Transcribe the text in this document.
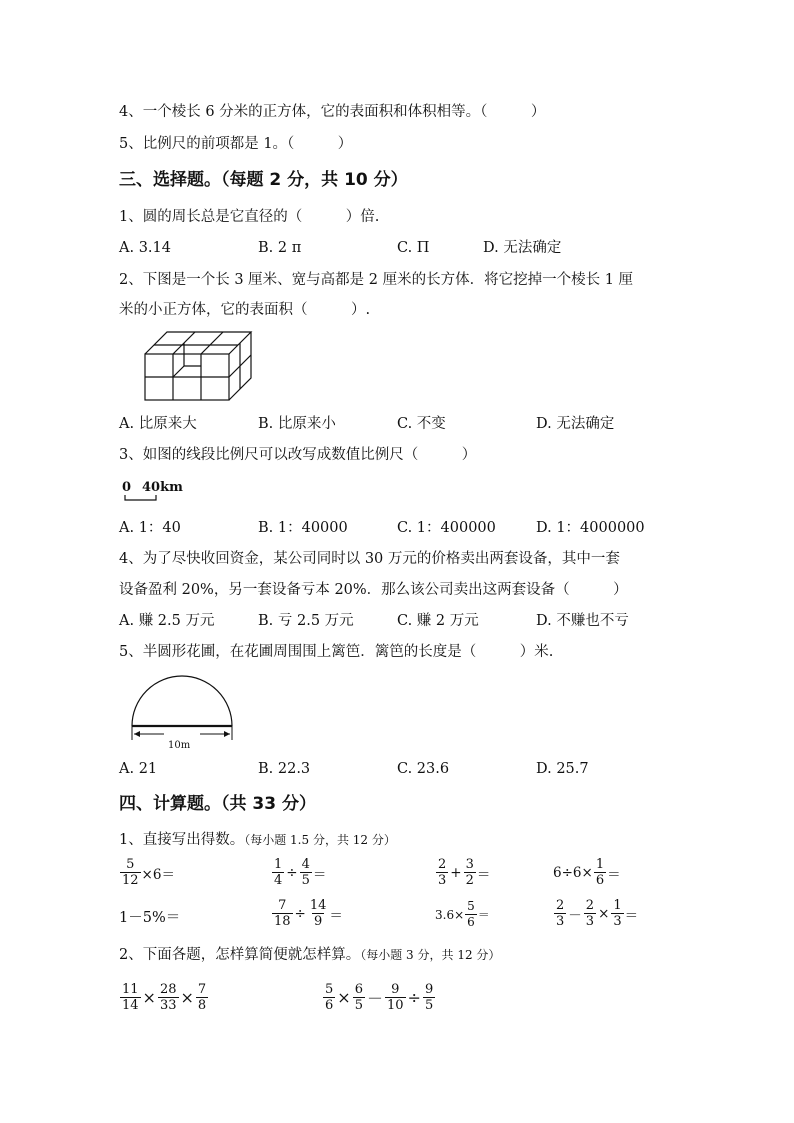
4、一个棱长 6 分米的正方体，它的表面积和体积相等。（　　　）
5、比例尺的前项都是 1。（　　　）
三、选择题。（每题 2 分，共 10 分）
1、圆的周长总是它直径的（　　　）倍.
A. 3.14	B. 2 π	C. Π	D. 无法确定
2、下图是一个长 3 厘米、宽与高都是 2 厘米的长方体．将它挖掉一个棱长 1 厘
米的小正方体，它的表面积（　　　）.
A. 比原来大	B. 比原来小	C. 不变	D. 无法确定
3、如图的线段比例尺可以改写成数值比例尺（　　　）
0 40km
A. 1：40	B. 1：40000	C. 1：400000	D. 1：4000000
4、为了尽快收回资金，某公司同时以 30 万元的价格卖出两套设备，其中一套
设备盈利 20%，另一套设备亏本 20%．那么该公司卖出这两套设备（　　　）
A. 赚 2.5 万元	B. 亏 2.5 万元	C. 赚 2 万元	D. 不赚也不亏
5、半圆形花圃，在花圃周围围上篱笆．篱笆的长度是（　　　）米.
10m
A. 21	B. 22.3	C. 23.6	D. 25.7
四、计算题。（共 33 分）
1、直接写出得数。（每小题 1.5 分，共 12 分）
$\frac{5}{12} \times 6=$	$\frac{1}{4} \div \frac{4}{5}$ ＝	$\frac{2}{3} + \frac{3}{2}$ ＝	$6\div 6\times \frac{1}{6}$ ＝
1－5%＝	$\frac{7}{18} \div \frac{14}{9}$ ＝	$3.6\times \frac{5}{6}$ ＝	$\frac{2}{3} - \frac{2}{3} \times \frac{1}{3}$ ＝
2、下面各题，怎样算简便就怎样算。（每小题 3 分，共 12 分）
$\frac{11}{14} \times \frac{28}{33} \times \frac{7}{8}$	$\frac{5}{6} \times \frac{6}{5} - \frac{9}{10} \div \frac{9}{5}$
